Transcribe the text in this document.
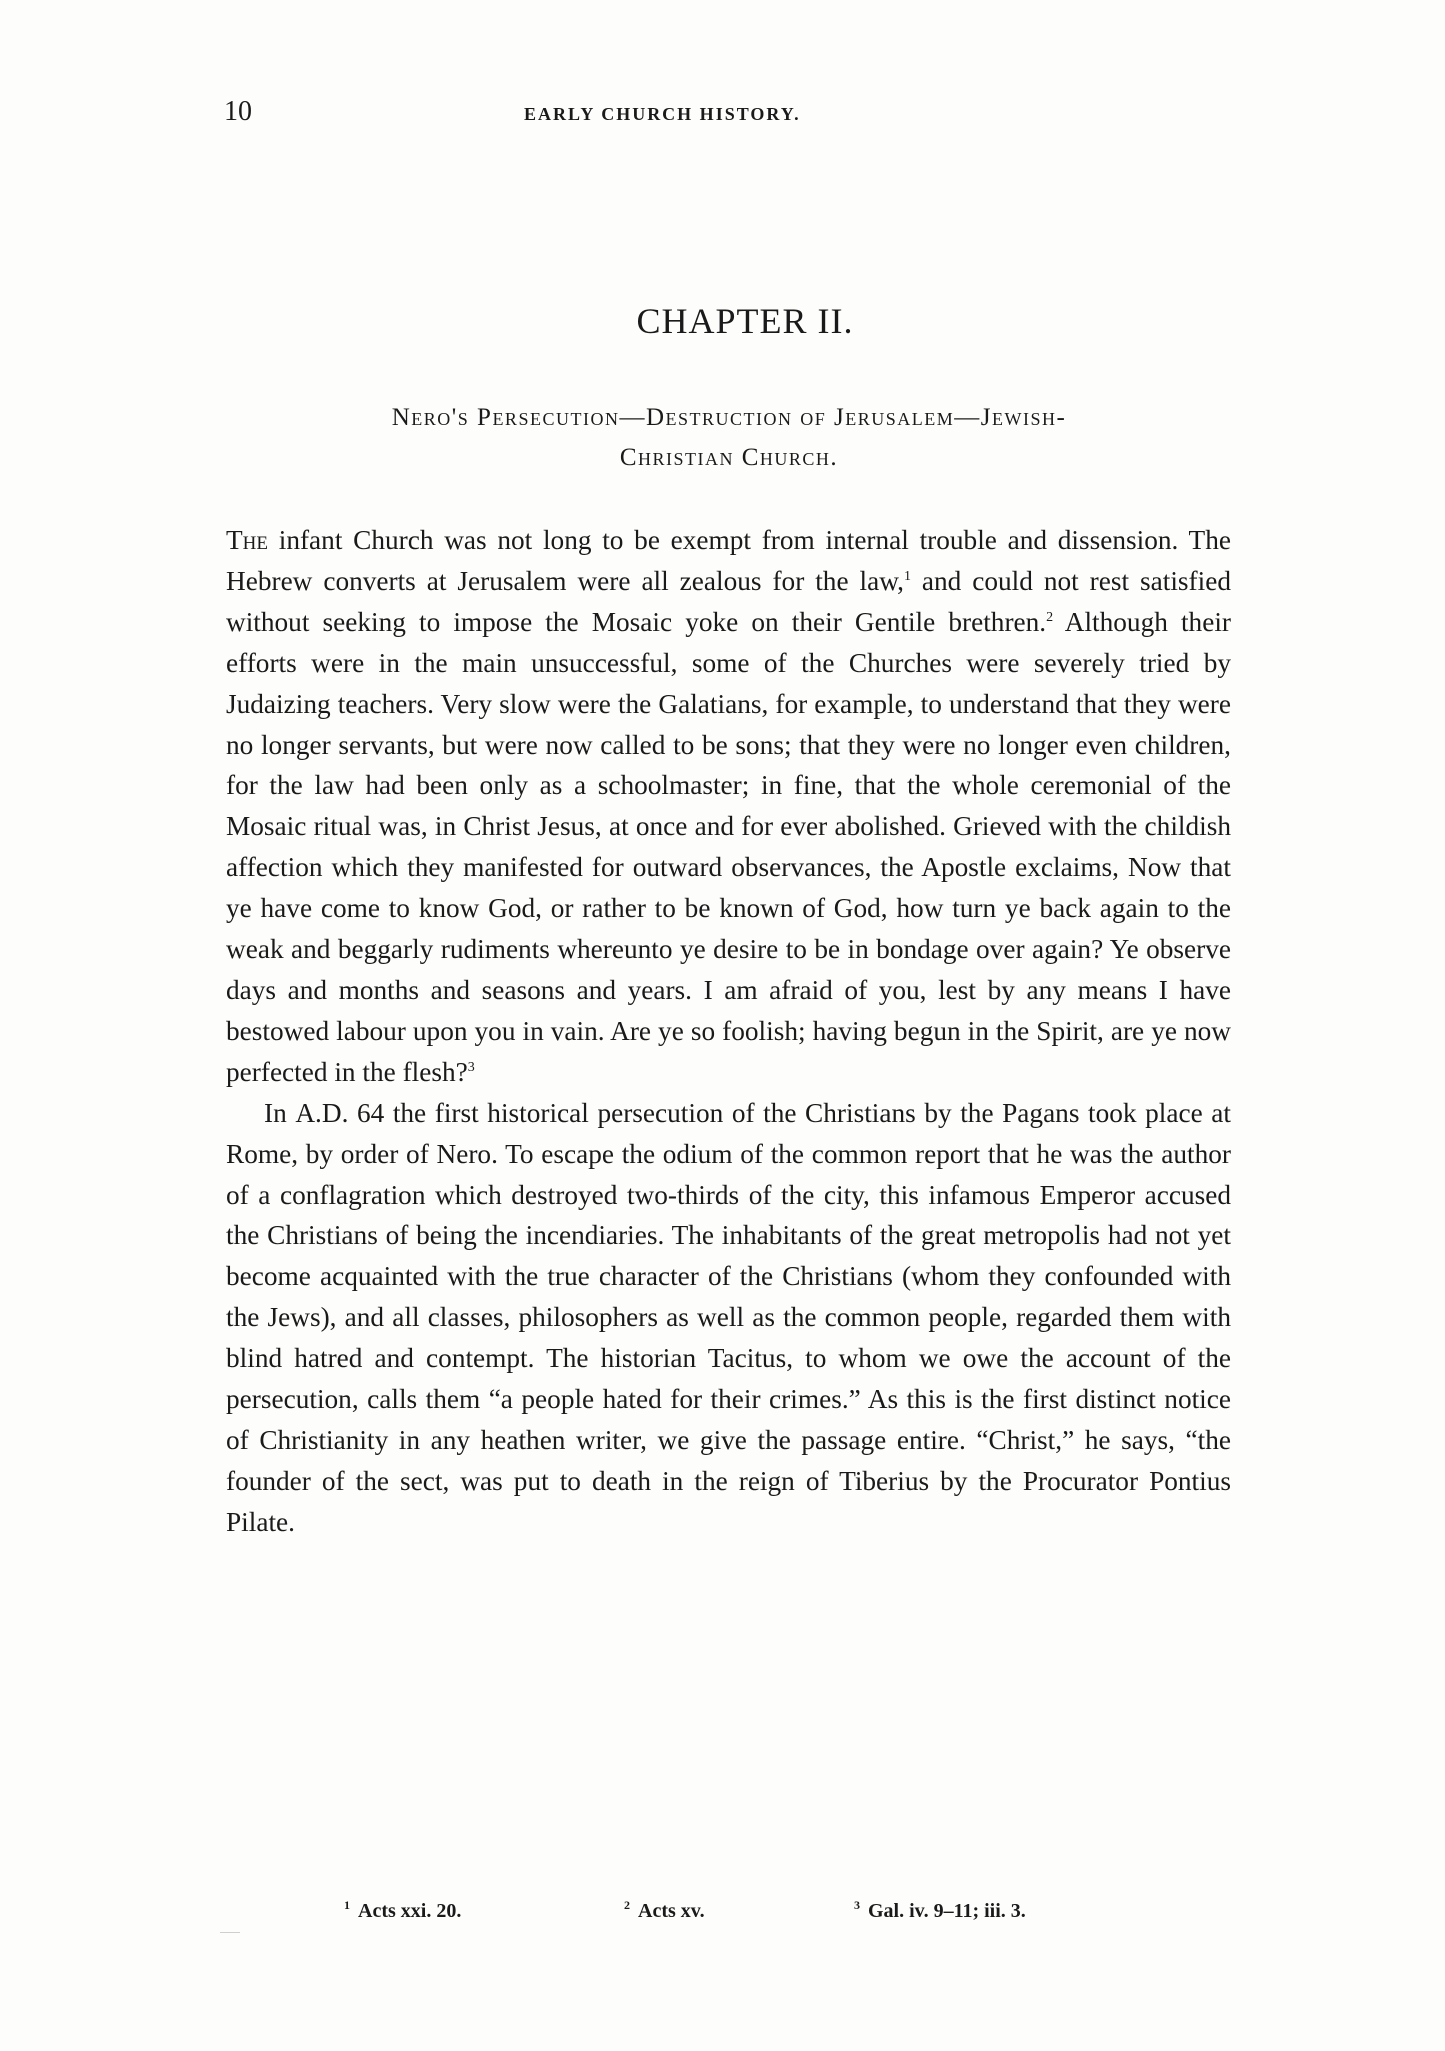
10	EARLY CHURCH HISTORY.
CHAPTER II.
Nero's Persecution—Destruction of Jerusalem—Jewish-
Christian Church.

The infant Church was not long to be exempt from internal trouble and dissension. The Hebrew converts at Jerusalem were all zealous for the law,$^1$ and could not rest satisfied without seeking to impose the Mosaic yoke on their Gentile brethren.$^2$ Although their efforts were in the main unsuccessful, some of the Churches were severely tried by Judaizing teachers. Very slow were the Galatians, for example, to understand that they were no longer servants, but were now called to be sons; that they were no longer even children, for the law had been only as a schoolmaster; in fine, that the whole ceremonial of the Mosaic ritual was, in Christ Jesus, at once and for ever abolished. Grieved with the childish affection which they manifested for outward observances, the Apostle exclaims, Now that ye have come to know God, or rather to be known of God, how turn ye back again to the weak and beggarly rudiments whereunto ye desire to be in bondage over again? Ye observe days and months and seasons and years. I am afraid of you, lest by any means I have bestowed labour upon you in vain. Are ye so foolish; having begun in the Spirit, are ye now perfected in the flesh?$^3$

In A.D. 64 the first historical persecution of the Christians by the Pagans took place at Rome, by order of Nero. To escape the odium of the common report that he was the author of a conflagration which destroyed two-thirds of the city, this infamous Emperor accused the Christians of being the incendiaries. The inhabitants of the great metropolis had not yet become acquainted with the true character of the Christians (whom they confounded with the Jews), and all classes, philosophers as well as the common people, regarded them with blind hatred and contempt. The historian Tacitus, to whom we owe the account of the persecution, calls them “a people hated for their crimes.” As this is the first distinct notice of Christianity in any heathen writer, we give the passage entire. “Christ,” he says, “the founder of the sect, was put to death in the reign of Tiberius by the Procurator Pontius Pilate.

$^1$ Acts xxi. 20.	$^2$ Acts xv.	$^3$ Gal. iv. 9–11; iii. 3.
